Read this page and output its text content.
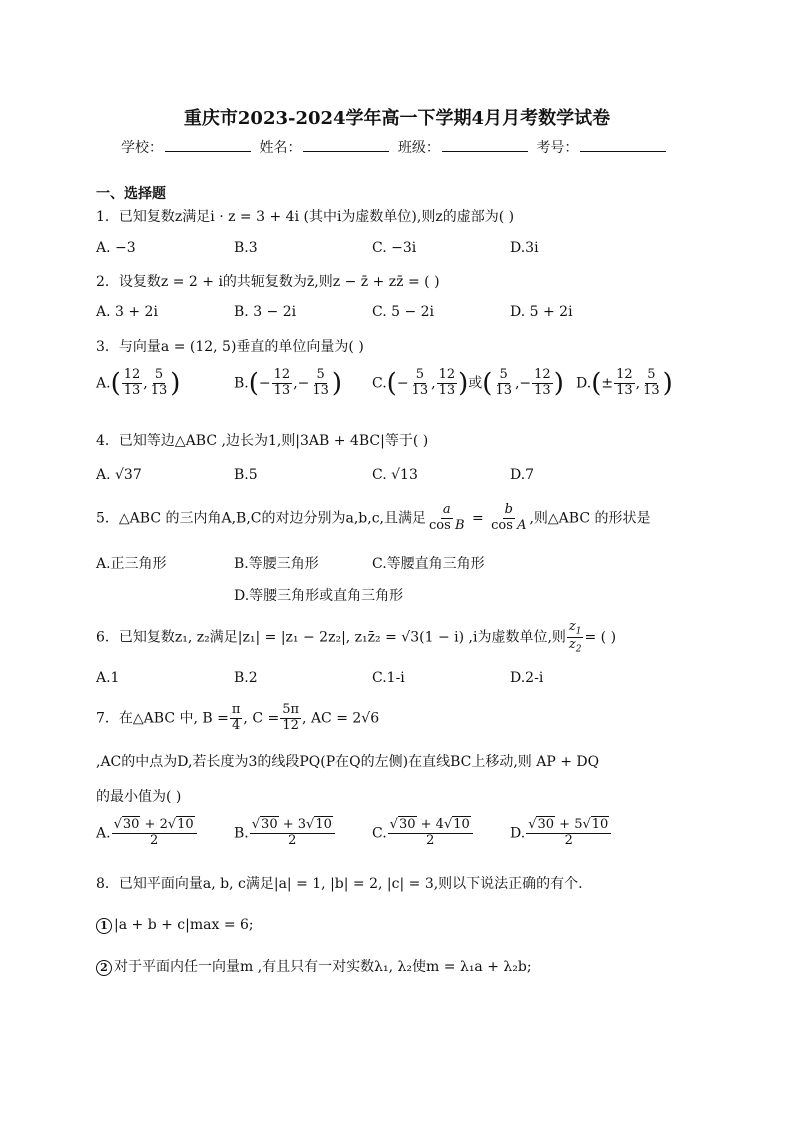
重庆市2023-2024学年高一下学期4月月考数学试卷
学校：	姓名：	班级：	考号：
一、选择题
1．已知复数z满足i · z = 3 + 4i (其中i为虚数单位),则z的虚部为( )
A. −3	B.3	C. −3i	D.3i
2．设复数z = 2 + i的共轭复数为z̄,则z − z̄ + zz̄ = ( )
A. 3 + 2i	B. 3 − 2i	C. 5 − 2i	D. 5 + 2i
3．与向量a = (12, 5)垂直的单位向量为( )
$A.( \frac{12}{13}$ , $\frac{5}{13}$ )	$B.(- \frac{12}{13}$ ,− $\frac{5}{13}$ ) $C.(- \frac{5}{13}$ , $\frac{12}{13}$ )或( $\frac{5}{13}$ ,− $\frac{12}{13}$ ) $D.(\pm \frac{12}{13}$ , $\frac{5}{13}$ )
4．已知等边△ABC ,边长为1,则|3AB + 4BC|等于( )
A. √37	B.5	C. √13	D.7
5．△ABC 的三内角A,B,C的对边分别为a,b,c,且满足 $\frac{a}{\text{cos B}} = \frac{b}{\text{cos A}}$ ,则△ABC 的形状是
A.正三角形	B.等腰三角形	C.等腰直角三角形
D.等腰三角形或直角三角形
6．已知复数z₁, z₂满足|z₁| = |z₁ − 2z₂|, z₁z̄₂ = √3(1 − i) ,i为虚数单位,则 $\frac{z_1}{z_2}$ = ( )
A.1	B.2	C.1-i	D.2-i
7．在△ABC 中, $B = \frac{\pi}{4}$ , $C = \frac{5\pi}{12}$ , AC = 2√6
,AC的中点为D,若长度为3的线段PQ(P在Q的左侧)在直线BC上移动,则 AP + DQ
的最小值为( )
A. $\frac{√30 + 2√10}{2}$	B. $\frac{√30 + 3√10}{2}$	C. $\frac{√30 + 4√10}{2}$	D. $\frac{√30 + 5√10}{2}$
8．已知平面向量a, b, c满足|a| = 1, |b| = 2, |c| = 3,则以下说法正确的有个.
1 |a + b + c|max = 6;
2 对于平面内任一向量m ,有且只有一对实数λ₁, λ₂使m = λ₁a + λ₂b;
